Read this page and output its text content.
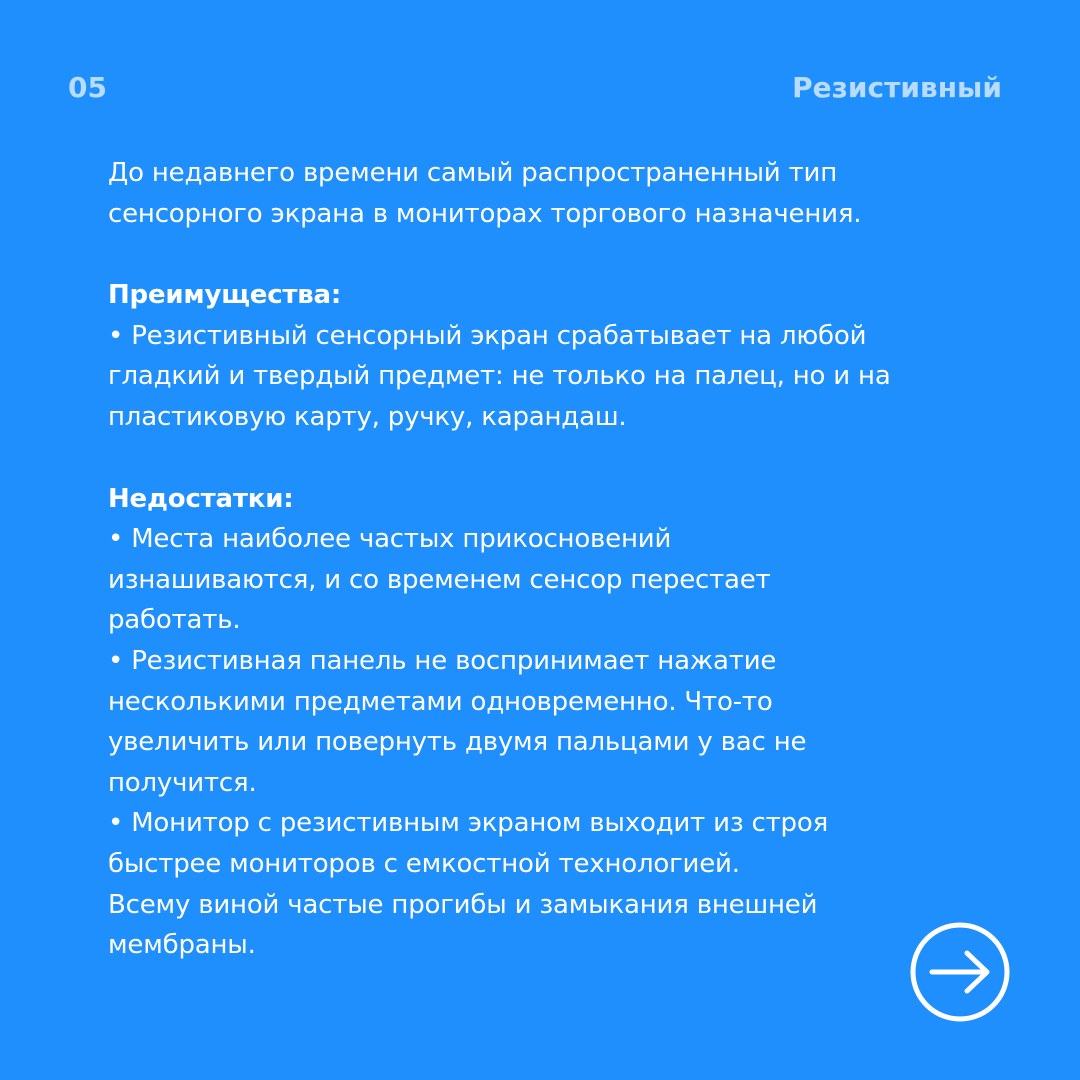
05	Резистивный

До недавнего времени самый распространенный тип

сенсорного экрана в мониторах торгового назначения.

Преимущества:

• Резистивный сенсорный экран срабатывает на любой

гладкий и твердый предмет: не только на палец, но и на

пластиковую карту, ручку, карандаш.

Недостатки:

• Места наиболее частых прикосновений

изнашиваются, и со временем сенсор перестает

работать.

• Резистивная панель не воспринимает нажатие

несколькими предметами одновременно. Что-то

увеличить или повернуть двумя пальцами у вас не

получится.

• Монитор с резистивным экраном выходит из строя

быстрее мониторов с емкостной технологией.

Всему виной частые прогибы и замыкания внешней

мембраны.
